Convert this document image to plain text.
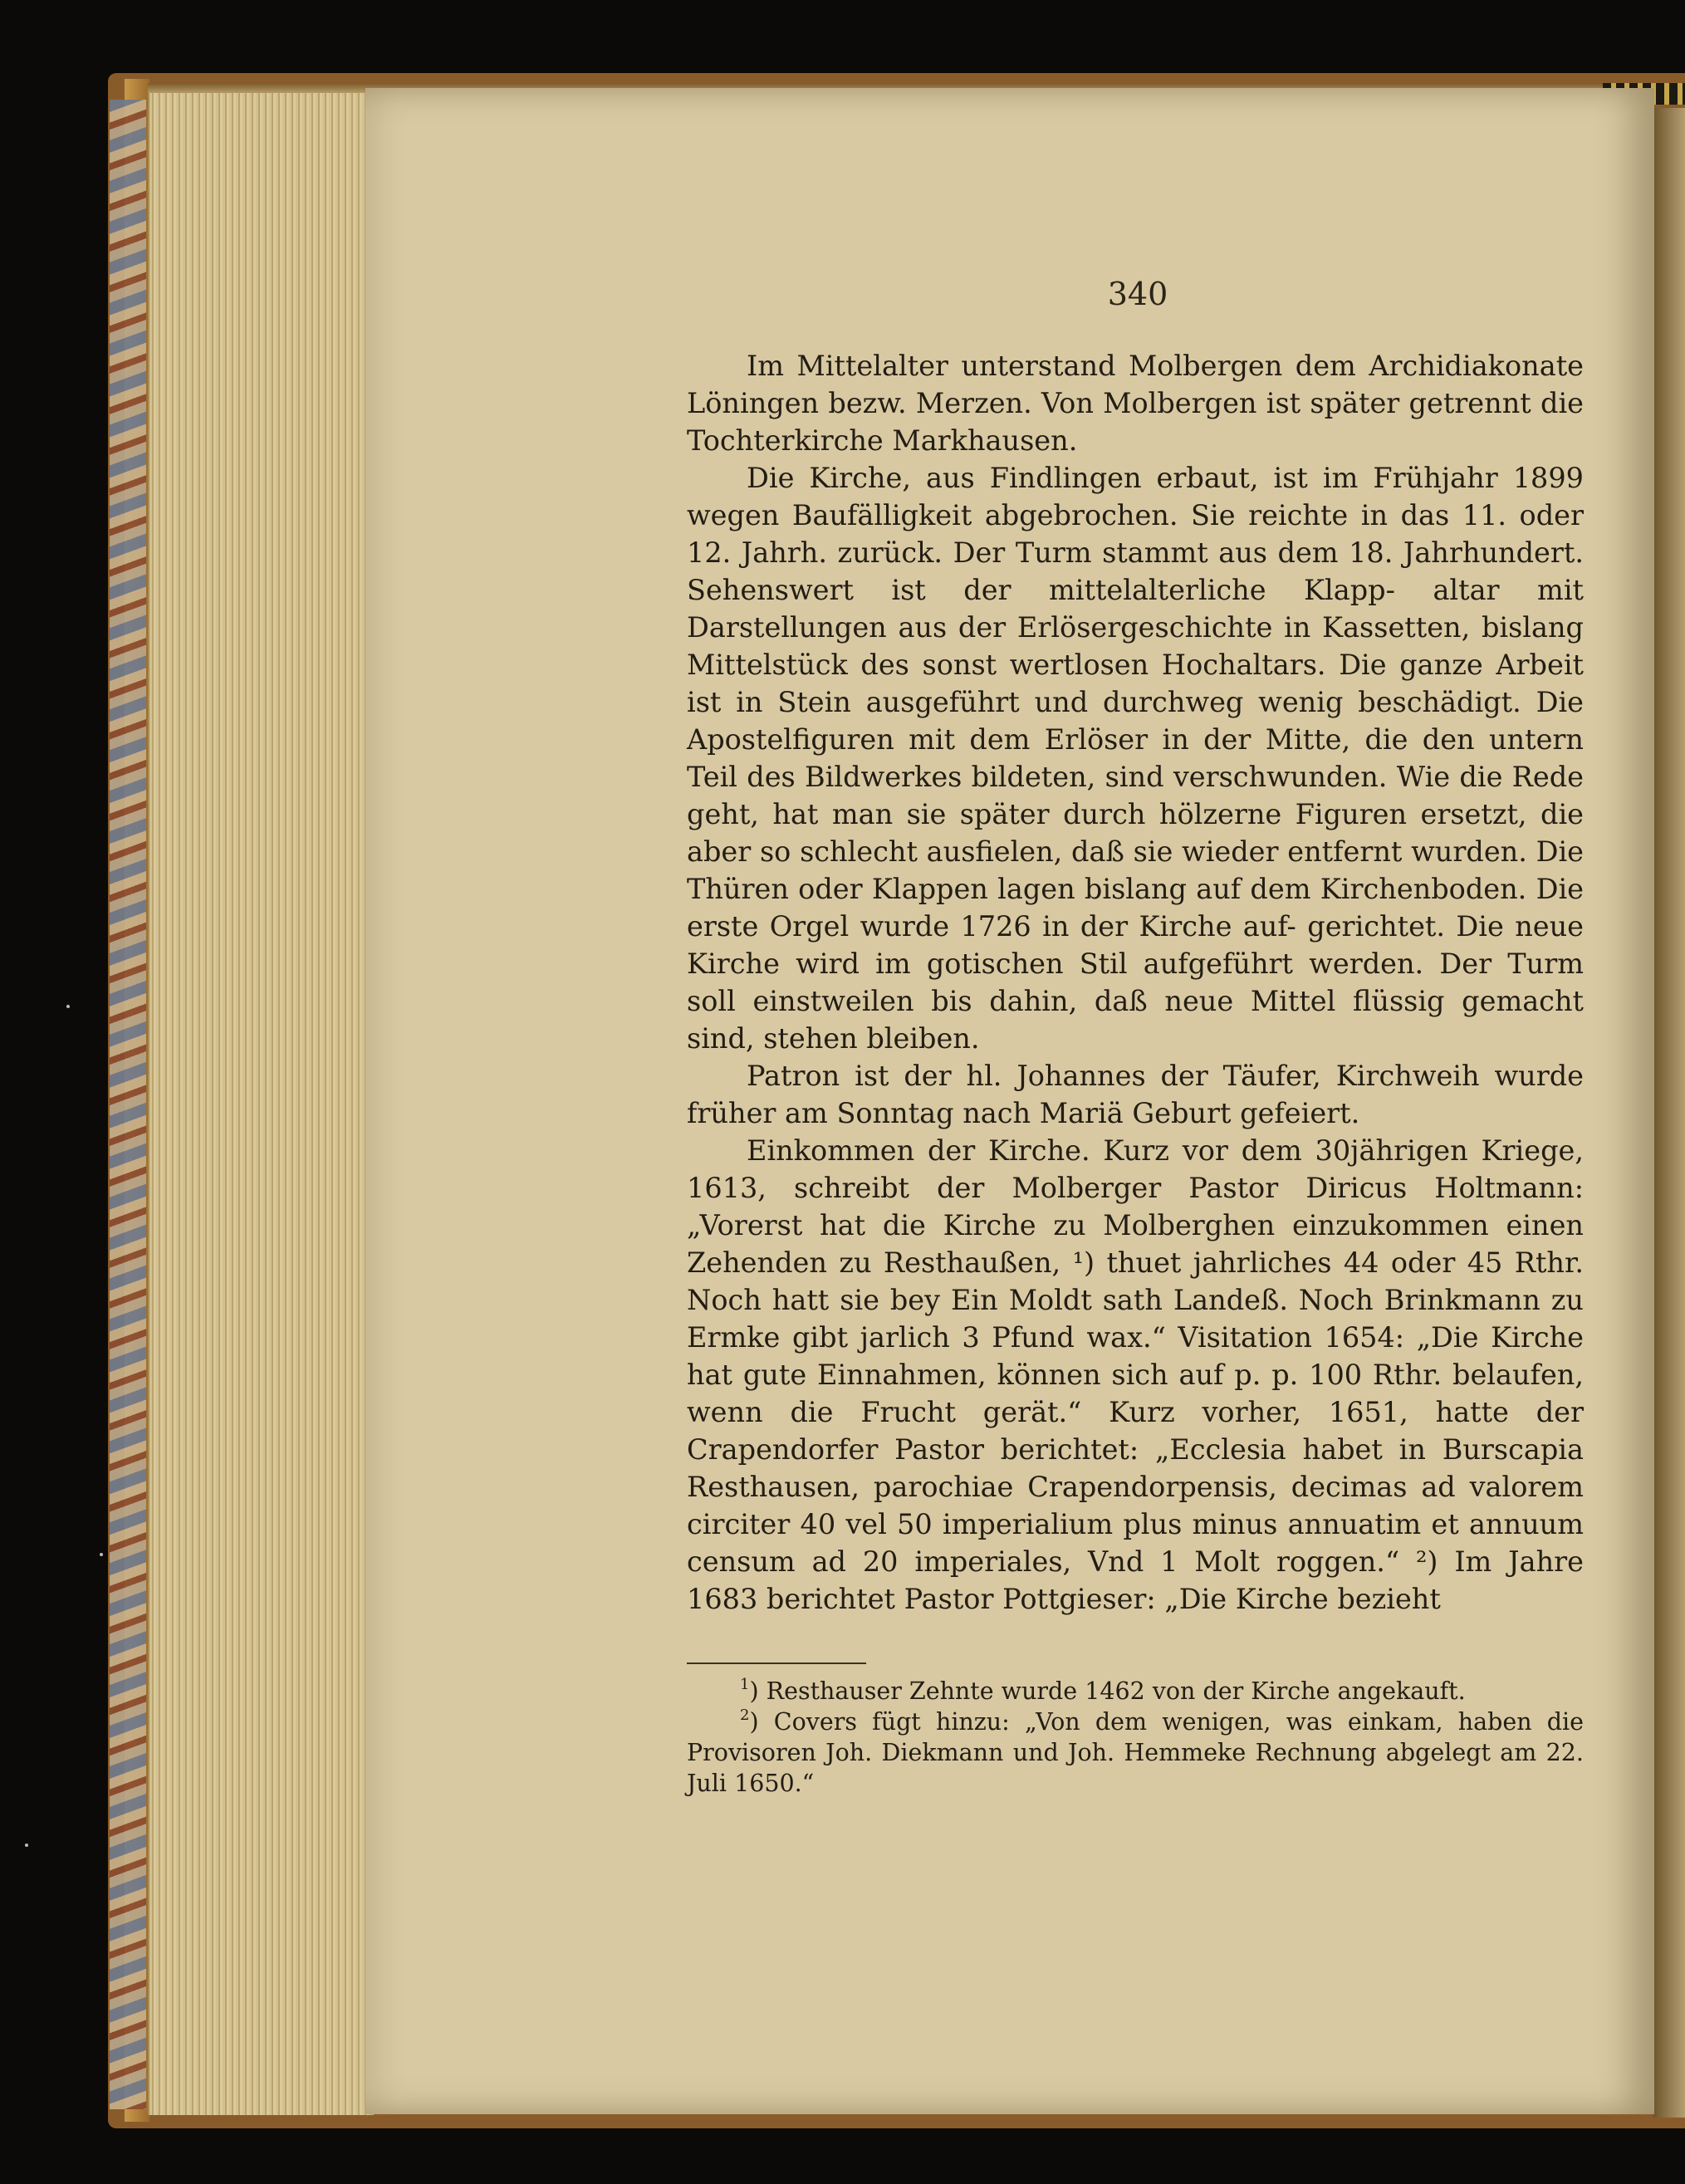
340

Im Mittelalter unterstand Molbergen dem Archidiakonate Löningen bezw. Merzen. Von Molbergen ist später getrennt die Tochterkirche Markhausen.

Die Kirche, aus Findlingen erbaut, ist im Frühjahr 1899 wegen Baufälligkeit abgebrochen. Sie reichte in das 11. oder 12. Jahrh. zurück. Der Turm stammt aus dem 18. Jahrhundert. Sehenswert ist der mittelalterliche Klapp- altar mit Darstellungen aus der Erlösergeschichte in Kassetten, bislang Mittelstück des sonst wertlosen Hochaltars. Die ganze Arbeit ist in Stein ausgeführt und durchweg wenig beschädigt. Die Apostelfiguren mit dem Erlöser in der Mitte, die den untern Teil des Bildwerkes bildeten, sind verschwunden. Wie die Rede geht, hat man sie später durch hölzerne Figuren ersetzt, die aber so schlecht ausfielen, daß sie wieder entfernt wurden. Die Thüren oder Klappen lagen bislang auf dem Kirchenboden. Die erste Orgel wurde 1726 in der Kirche auf- gerichtet. Die neue Kirche wird im gotischen Stil aufgeführt werden. Der Turm soll einstweilen bis dahin, daß neue Mittel flüssig gemacht sind, stehen bleiben.

Patron ist der hl. Johannes der Täufer, Kirchweih wurde früher am Sonntag nach Mariä Geburt gefeiert.

Einkommen der Kirche. Kurz vor dem 30jährigen Kriege, 1613, schreibt der Molberger Pastor Diricus Holtmann: „Vorerst hat die Kirche zu Molberghen einzukommen einen Zehenden zu Resthaußen, ¹) thuet jahrliches 44 oder 45 Rthr. Noch hatt sie bey Ein Moldt sath Landeß. Noch Brinkmann zu Ermke gibt jarlich 3 Pfund wax.“ Visitation 1654: „Die Kirche hat gute Einnahmen, können sich auf p. p. 100 Rthr. belaufen, wenn die Frucht gerät.“ Kurz vorher, 1651, hatte der Crapendorfer Pastor berichtet: „Ecclesia habet in Burscapia Resthausen, parochiae Crapendorpensis, decimas ad valorem circiter 40 vel 50 imperialium plus minus annuatim et annuum censum ad 20 imperiales, Vnd 1 Molt roggen.“ ²) Im Jahre 1683 berichtet Pastor Pottgieser: „Die Kirche bezieht

$^1$) Resthauser Zehnte wurde 1462 von der Kirche angekauft.

$^2$) Covers fügt hinzu: „Von dem wenigen, was einkam, haben die Provisoren Joh. Diekmann und Joh. Hemmeke Rechnung abgelegt am 22. Juli 1650.“
